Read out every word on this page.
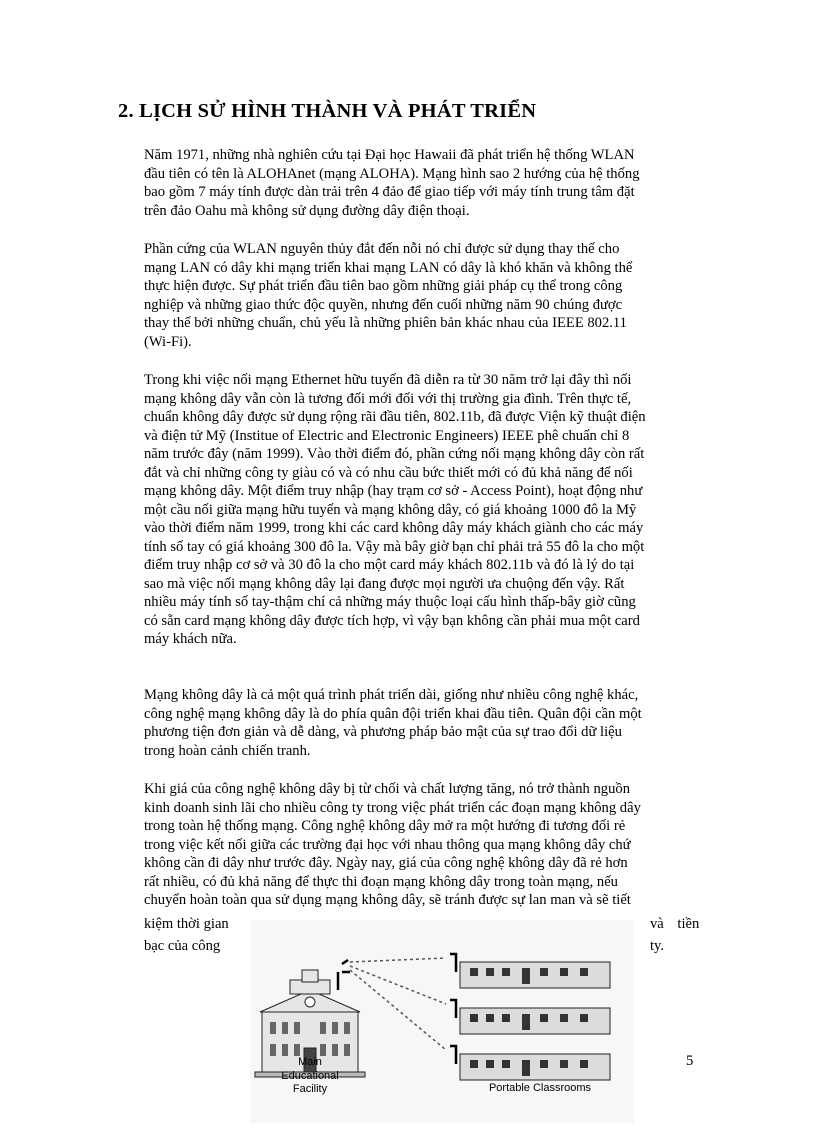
2. LỊCH SỬ HÌNH THÀNH VÀ PHÁT TRIỂN
Năm 1971, những nhà nghiên cứu tại Đại học Hawaii đã phát triển hệ thống WLAN
đầu tiên có tên là ALOHAnet (mạng ALOHA). Mạng hình sao 2 hướng của hệ thống
bao gồm 7 máy tính được dàn trải trên 4 đảo để giao tiếp với máy tính trung tâm đặt
trên đảo Oahu mà không sử dụng đường dây điện thoại.
Phần cứng của WLAN nguyên thủy đắt đến nỗi nó chỉ được sử dụng thay thế cho
mạng LAN có dây khi mạng triển khai mạng LAN có dây là khó khăn và không thể
thực hiện được. Sự phát triển đầu tiên bao gồm những giải pháp cụ thể trong công
nghiệp và những giao thức độc quyền, nhưng đến cuối những năm 90 chúng được
thay thế bởi những chuẩn, chủ yếu là những phiên bản khác nhau của IEEE 802.11
(Wi-Fi).
Trong khi việc nối mạng Ethernet hữu tuyến đã diễn ra từ 30 năm trở lại đây thì nối
mạng không dây vẫn còn là tương đối mới đối với thị trường gia đình. Trên thực tế,
chuẩn không dây được sử dụng rộng rãi đầu tiên, 802.11b, đã được Viện kỹ thuật điện
và điện tử Mỹ (Institue of Electric and Electronic Engineers) IEEE phê chuẩn chỉ 8
năm trước đây (năm 1999). Vào thời điểm đó, phần cứng nối mạng không dây còn rất
đắt và chỉ những công ty giàu có và có nhu cầu bức thiết mới có đủ khả năng để nối
mạng không dây. Một điểm truy nhập (hay trạm cơ sở - Access Point), hoạt động như
một cầu nối giữa mạng hữu tuyến và mạng không dây, có giá khoảng 1000 đô la Mỹ
vào thời điểm năm 1999, trong khi các card không dây máy khách giành cho các máy
tính số tay có giá khoảng 300 đô la. Vậy mà bây giờ bạn chỉ phải trả 55 đô la cho một
điểm truy nhập cơ sở và 30 đô la cho một card máy khách 802.11b và đó là lý do tại
sao mà việc nối mạng không dây lại đang được mọi người ưa chuộng đến vậy. Rất
nhiều máy tính số tay-thậm chí cả những máy thuộc loại cấu hình thấp-bây giờ cũng
có sẵn card mạng không dây được tích hợp, vì vậy bạn không cần phải mua một card
máy khách nữa.
Mạng không dây là cả một quá trình phát triển dài, giống như nhiều công nghệ khác,
công nghệ mạng không dây là do phía quân đội triển khai đầu tiên. Quân đội cần một
phương tiện đơn giản và dễ dàng, và phương pháp bảo mật của sự trao đổi dữ liệu
trong hoàn cảnh chiến tranh.
Khi giá của công nghệ không dây bị từ chối và chất lượng tăng, nó trở thành nguồn
kinh doanh sinh lãi cho nhiều công ty trong việc phát triển các đoạn mạng không dây
trong toàn hệ thống mạng. Công nghệ không dây mở ra một hướng đi tương đối rẻ
trong việc kết nối giữa các trường đại học với nhau thông qua mạng không dây chứ
không cần đi dây như trước đây. Ngày nay, giá của công nghệ không dây đã rẻ hơn
rất nhiều, có đủ khả năng để thực thi đoạn mạng không dây trong toàn mạng, nếu
chuyển hoàn toàn qua sử dụng mạng không dây, sẽ tránh được sự lan man và sẽ tiết
kiệm thời gian
bạc của công
và tiền
ty.
Main
Educational
Facility	Portable Classrooms
5
